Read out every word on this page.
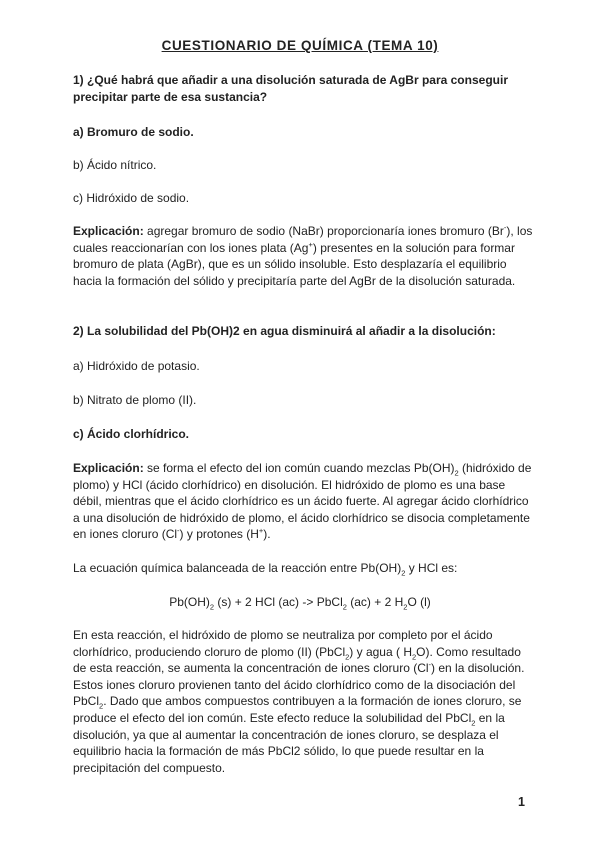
CUESTIONARIO DE QUÍMICA (TEMA 10)

1) ¿Qué habrá que añadir a una disolución saturada de AgBr para conseguir precipitar parte de esa sustancia?

a) Bromuro de sodio.

b) Ácido nítrico.

c) Hidróxido de sodio.

Explicación: agregar bromuro de sodio (NaBr) proporcionaría iones bromuro (Br-), los cuales reaccionarían con los iones plata (Ag+) presentes en la solución para formar bromuro de plata (AgBr), que es un sólido insoluble. Esto desplazaría el equilibrio hacia la formación del sólido y precipitaría parte del AgBr de la disolución saturada.

2) La solubilidad del Pb(OH)2 en agua disminuirá al añadir a la disolución:

a) Hidróxido de potasio.

b) Nitrato de plomo (II).

c) Ácido clorhídrico.

Explicación: se forma el efecto del ion común cuando mezclas $Pb(OH)_2$ (hidróxido de plomo) y HCl (ácido clorhídrico) en disolución. El hidróxido de plomo es una base débil, mientras que el ácido clorhídrico es un ácido fuerte. Al agregar ácido clorhídrico a una disolución de hidróxido de plomo, el ácido clorhídrico se disocia completamente en iones cloruro (Cl-) y protones (H+).

La ecuación química balanceada de la reacción entre $Pb(OH)_2$ y HCl es:

$Pb(OH)_2$ (s) + 2 HCl (ac) -> PbCl$_2$ (ac) + 2 $H_2O$ (l)

En esta reacción, el hidróxido de plomo se neutraliza por completo por el ácido clorhídrico, produciendo cloruro de plomo (II) (PbCl$_2$) y agua ( $H_2O$). Como resultado de esta reacción, se aumenta la concentración de iones cloruro (Cl-) en la disolución. Estos iones cloruro provienen tanto del ácido clorhídrico como de la disociación del PbCl$_2$. Dado que ambos compuestos contribuyen a la formación de iones cloruro, se produce el efecto del ion común. Este efecto reduce la solubilidad del PbCl$_2$ en la disolución, ya que al aumentar la concentración de iones cloruro, se desplaza el equilibrio hacia la formación de más PbCl2 sólido, lo que puede resultar en la precipitación del compuesto.

1
